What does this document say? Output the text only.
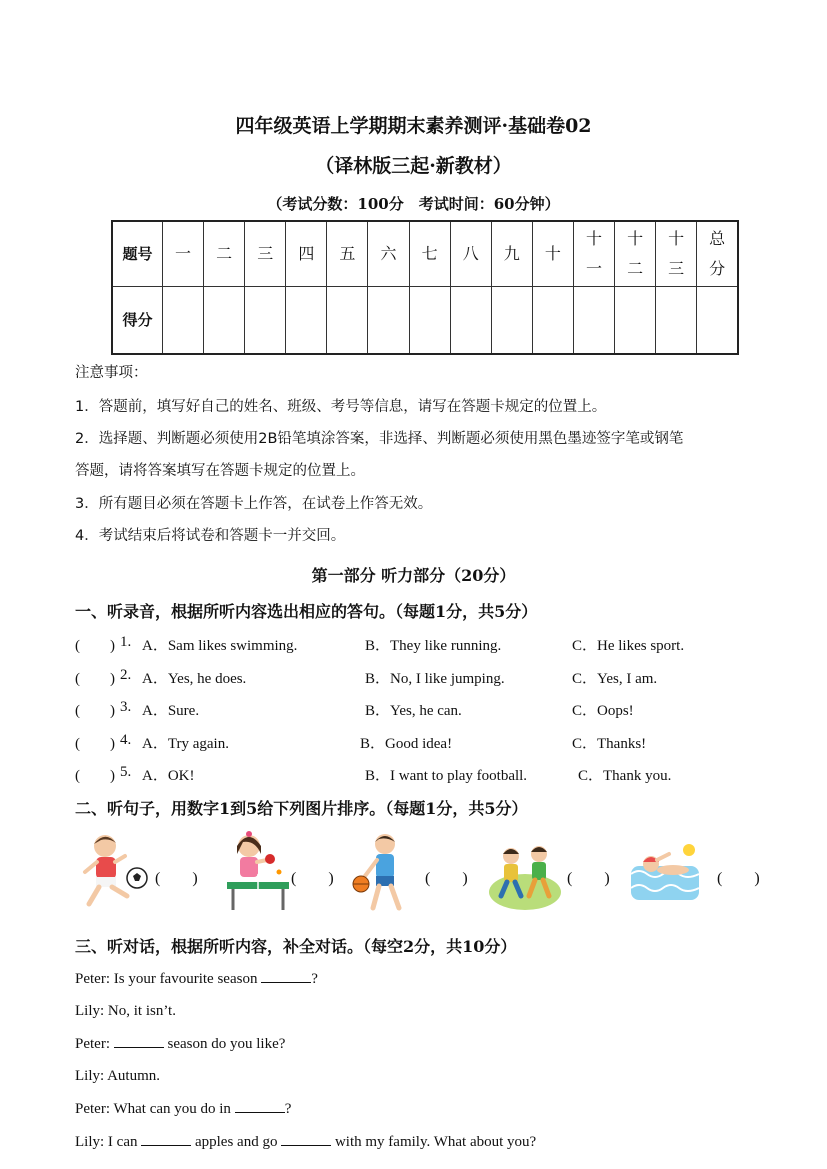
四年级英语上学期期末素养测评·基础卷02
（译林版三起·新教材）
（考试分数：100分　考试时间：60分钟）
题号	一	二	三	四	五	六	七	八	九	十	十一	十二	十三	总分

得分														
注意事项：
1．答题前，填写好自己的姓名、班级、考号等信息，请写在答题卡规定的位置上。
2．选择题、判断题必须使用2B铅笔填涂答案，非选择、判断题必须使用黑色墨迹签字笔或钢笔
答题，请将答案填写在答题卡规定的位置上。
3．所有题目必须在答题卡上作答，在试卷上作答无效。
4．考试结束后将试卷和答题卡一并交回。
第一部分 听力部分（20分）
一、听录音，根据所听内容选出相应的答句。（每题1分，共5分）
(　　) 1. A．Sam likes swimming.	B．They like running.	C．He likes sport.
(　　) 2. A．Yes, he does.	B．No, I like jumping.	C．Yes, I am.
(　　) 3. A．Sure.	B．Yes, he can.	C．Oops!
(　　) 4. A．Try again.	B．Good idea!	C．Thanks!
(　　) 5. A．OK!	B．I want to play football.	C．Thank you.
二、听句子，用数字1到5给下列图片排序。（每题1分，共5分）
(　　)	(　　)	(　　)	(　　)	(　　)
三、听对话，根据所听内容，补全对话。（每空2分，共10分）
Peter: Is your favourite season	?
Lily: No, it isn’t.
Peter:	season do you like?
Lily: Autumn.
Peter: What can you do in	?
Lily: I can	apples and go	with my family. What about you?
